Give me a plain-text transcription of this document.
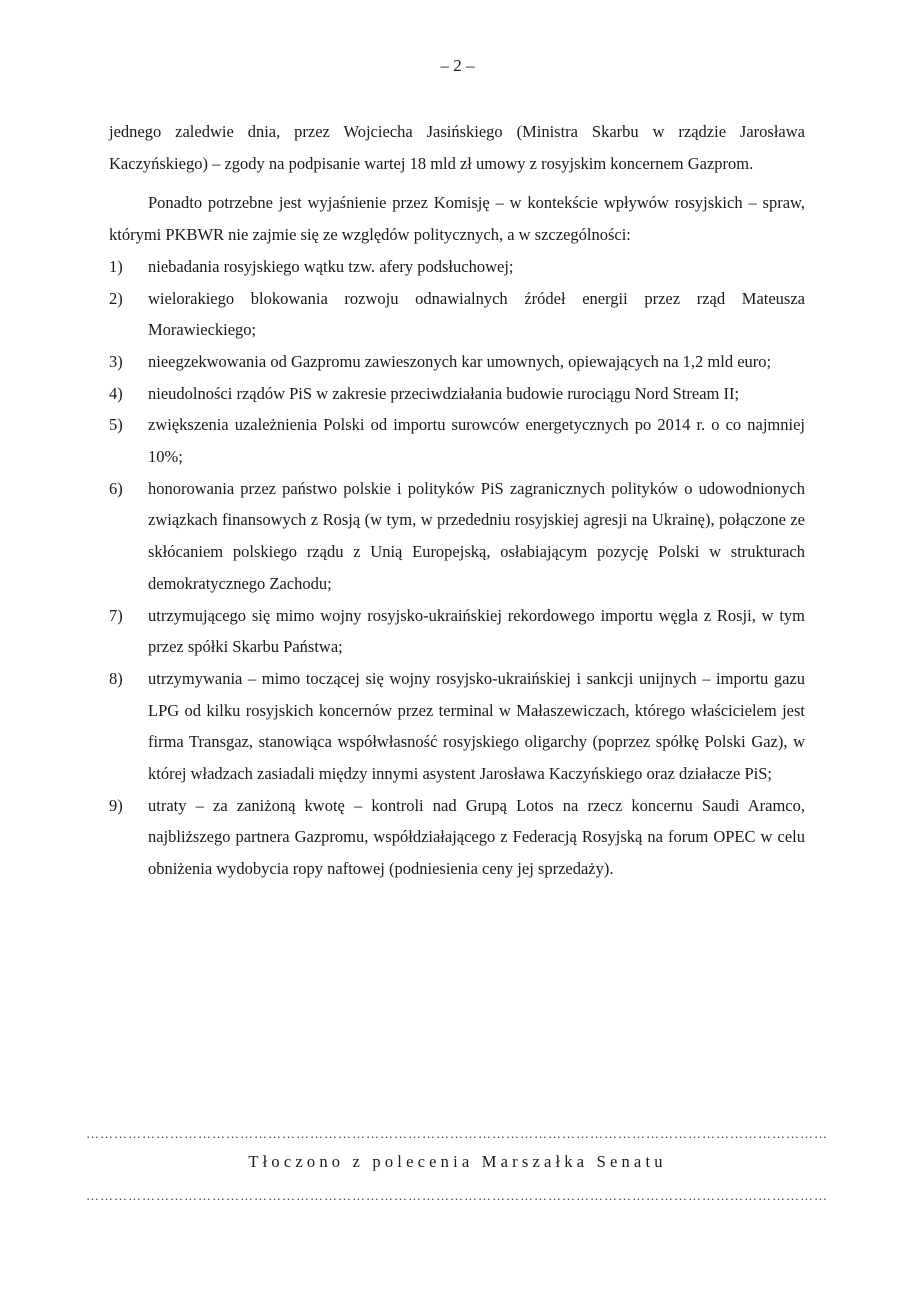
– 2 –

jednego zaledwie dnia, przez Wojciecha Jasińskiego (Ministra Skarbu w rządzie Jarosława Kaczyńskiego) – zgody na podpisanie wartej 18 mld zł umowy z rosyjskim koncernem Gazprom.

Ponadto potrzebne jest wyjaśnienie przez Komisję – w kontekście wpływów rosyjskich – spraw, którymi PKBWR nie zajmie się ze względów politycznych, a w szczególności:

1) niebadania rosyjskiego wątku tzw. afery podsłuchowej;
2) wielorakiego blokowania rozwoju odnawialnych źródeł energii przez rząd Mateusza Morawieckiego;
3) nieegzekwowania od Gazpromu zawieszonych kar umownych, opiewających na 1,2 mld euro;
4) nieudolności rządów PiS w zakresie przeciwdziałania budowie rurociągu Nord Stream II;
5) zwiększenia uzależnienia Polski od importu surowców energetycznych po 2014 r. o co najmniej 10%;
6) honorowania przez państwo polskie i polityków PiS zagranicznych polityków o udowodnionych związkach finansowych z Rosją (w tym, w przededniu rosyjskiej agresji na Ukrainę), połączone ze skłócaniem polskiego rządu z Unią Europejską, osłabiającym pozycję Polski w strukturach demokratycznego Zachodu;
7) utrzymującego się mimo wojny rosyjsko-ukraińskiej rekordowego importu węgla z Rosji, w tym przez spółki Skarbu Państwa;
8) utrzymywania – mimo toczącej się wojny rosyjsko-ukraińskiej i sankcji unijnych – importu gazu LPG od kilku rosyjskich koncernów przez terminal w Małaszewiczach, którego właścicielem jest firma Transgaz, stanowiąca współwłasność rosyjskiego oligarchy (poprzez spółkę Polski Gaz), w której władzach zasiadali między innymi asystent Jarosława Kaczyńskiego oraz działacze PiS;
9) utraty – za zaniżoną kwotę – kontroli nad Grupą Lotos na rzecz koncernu Saudi Aramco, najbliższego partnera Gazpromu, współdziałającego z Federacją Rosyjską na forum OPEC w celu obniżenia wydobycia ropy naftowej (podniesienia ceny jej sprzedaży).
……………………………………………………………………………………………………………………………………………
Tłoczono z polecenia Marszałka Senatu
……………………………………………………………………………………………………………………………………………
